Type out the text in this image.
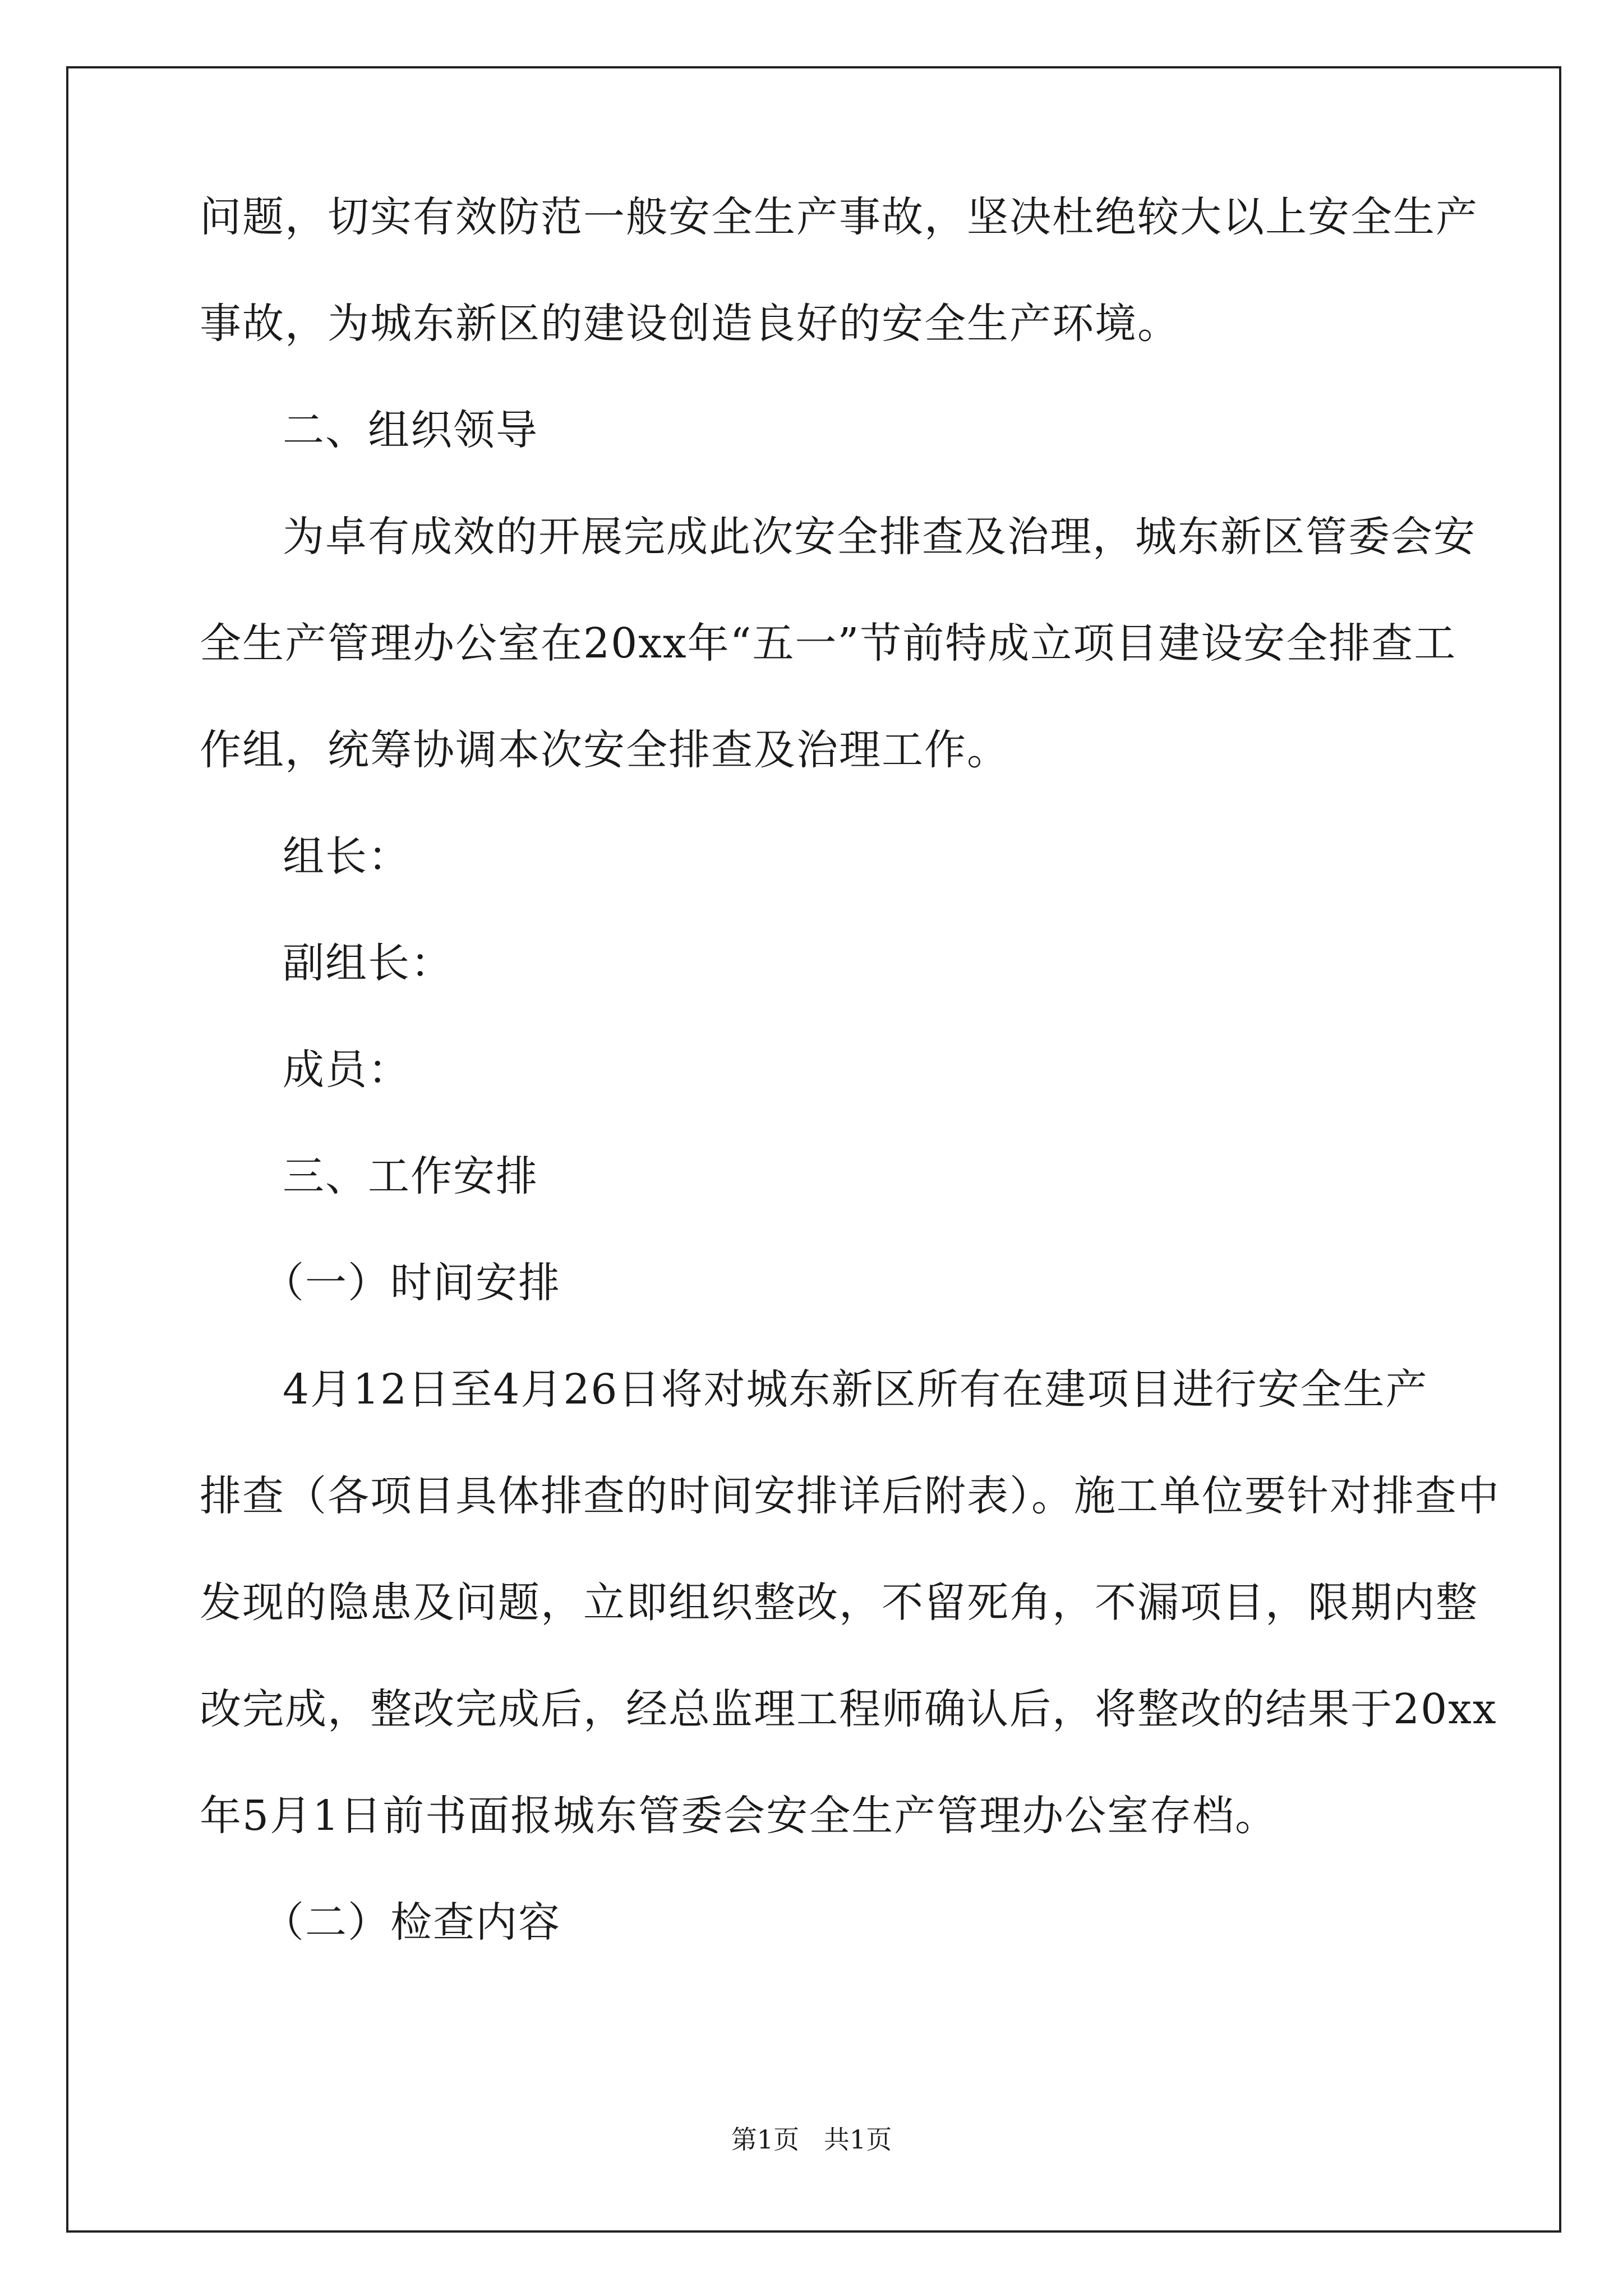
问题，切实有效防范一般安全生产事故，坚决杜绝较大以上安全生产
事故，为城东新区的建设创造良好的安全生产环境。
二、组织领导
为卓有成效的开展完成此次安全排查及治理，城东新区管委会安
全生产管理办公室在20xx年“五一”节前特成立项目建设安全排查工
作组，统筹协调本次安全排查及治理工作。
组长：
副组长：
成员：
三、工作安排
（一）时间安排
4月12日至4月26日将对城东新区所有在建项目进行安全生产
排查（各项目具体排查的时间安排详后附表）。施工单位要针对排查中
发现的隐患及问题，立即组织整改，不留死角，不漏项目，限期内整
改完成，整改完成后，经总监理工程师确认后，将整改的结果于20xx
年5月1日前书面报城东管委会安全生产管理办公室存档。
（二）检查内容
第1页   共1页
